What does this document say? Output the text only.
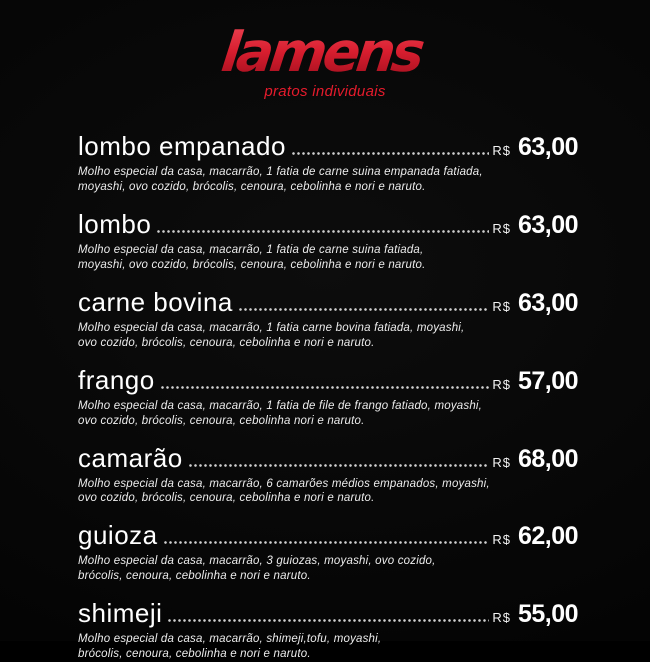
lamens
pratos individuais
lombo empanado	R$ 63,00

Molho especial da casa, macarrão, 1 fatia de carne suina empanada fatiada,
moyashi, ovo cozido, brócolis, cenoura, cebolinha e nori e naruto.

lombo	R$ 63,00

Molho especial da casa, macarrão, 1 fatia de carne suina fatiada,
moyashi, ovo cozido, brócolis, cenoura, cebolinha e nori e naruto.

carne bovina	R$ 63,00

Molho especial da casa, macarrão, 1 fatia carne bovina fatiada, moyashi,
ovo cozido, brócolis, cenoura, cebolinha e nori e naruto.

frango	R$ 57,00

Molho especial da casa, macarrão, 1 fatia de file de frango fatiado, moyashi,
ovo cozido, brócolis, cenoura, cebolinha nori e naruto.

camarão	R$ 68,00

Molho especial da casa, macarrão, 6 camarões médios empanados, moyashi,
ovo cozido, brócolis, cenoura, cebolinha e nori e naruto.

guioza	R$ 62,00

Molho especial da casa, macarrão, 3 guiozas, moyashi, ovo cozido,
brócolis, cenoura, cebolinha e nori e naruto.

shimeji	R$ 55,00

Molho especial da casa, macarrão, shimeji,tofu, moyashi,
brócolis, cenoura, cebolinha e nori e naruto.
